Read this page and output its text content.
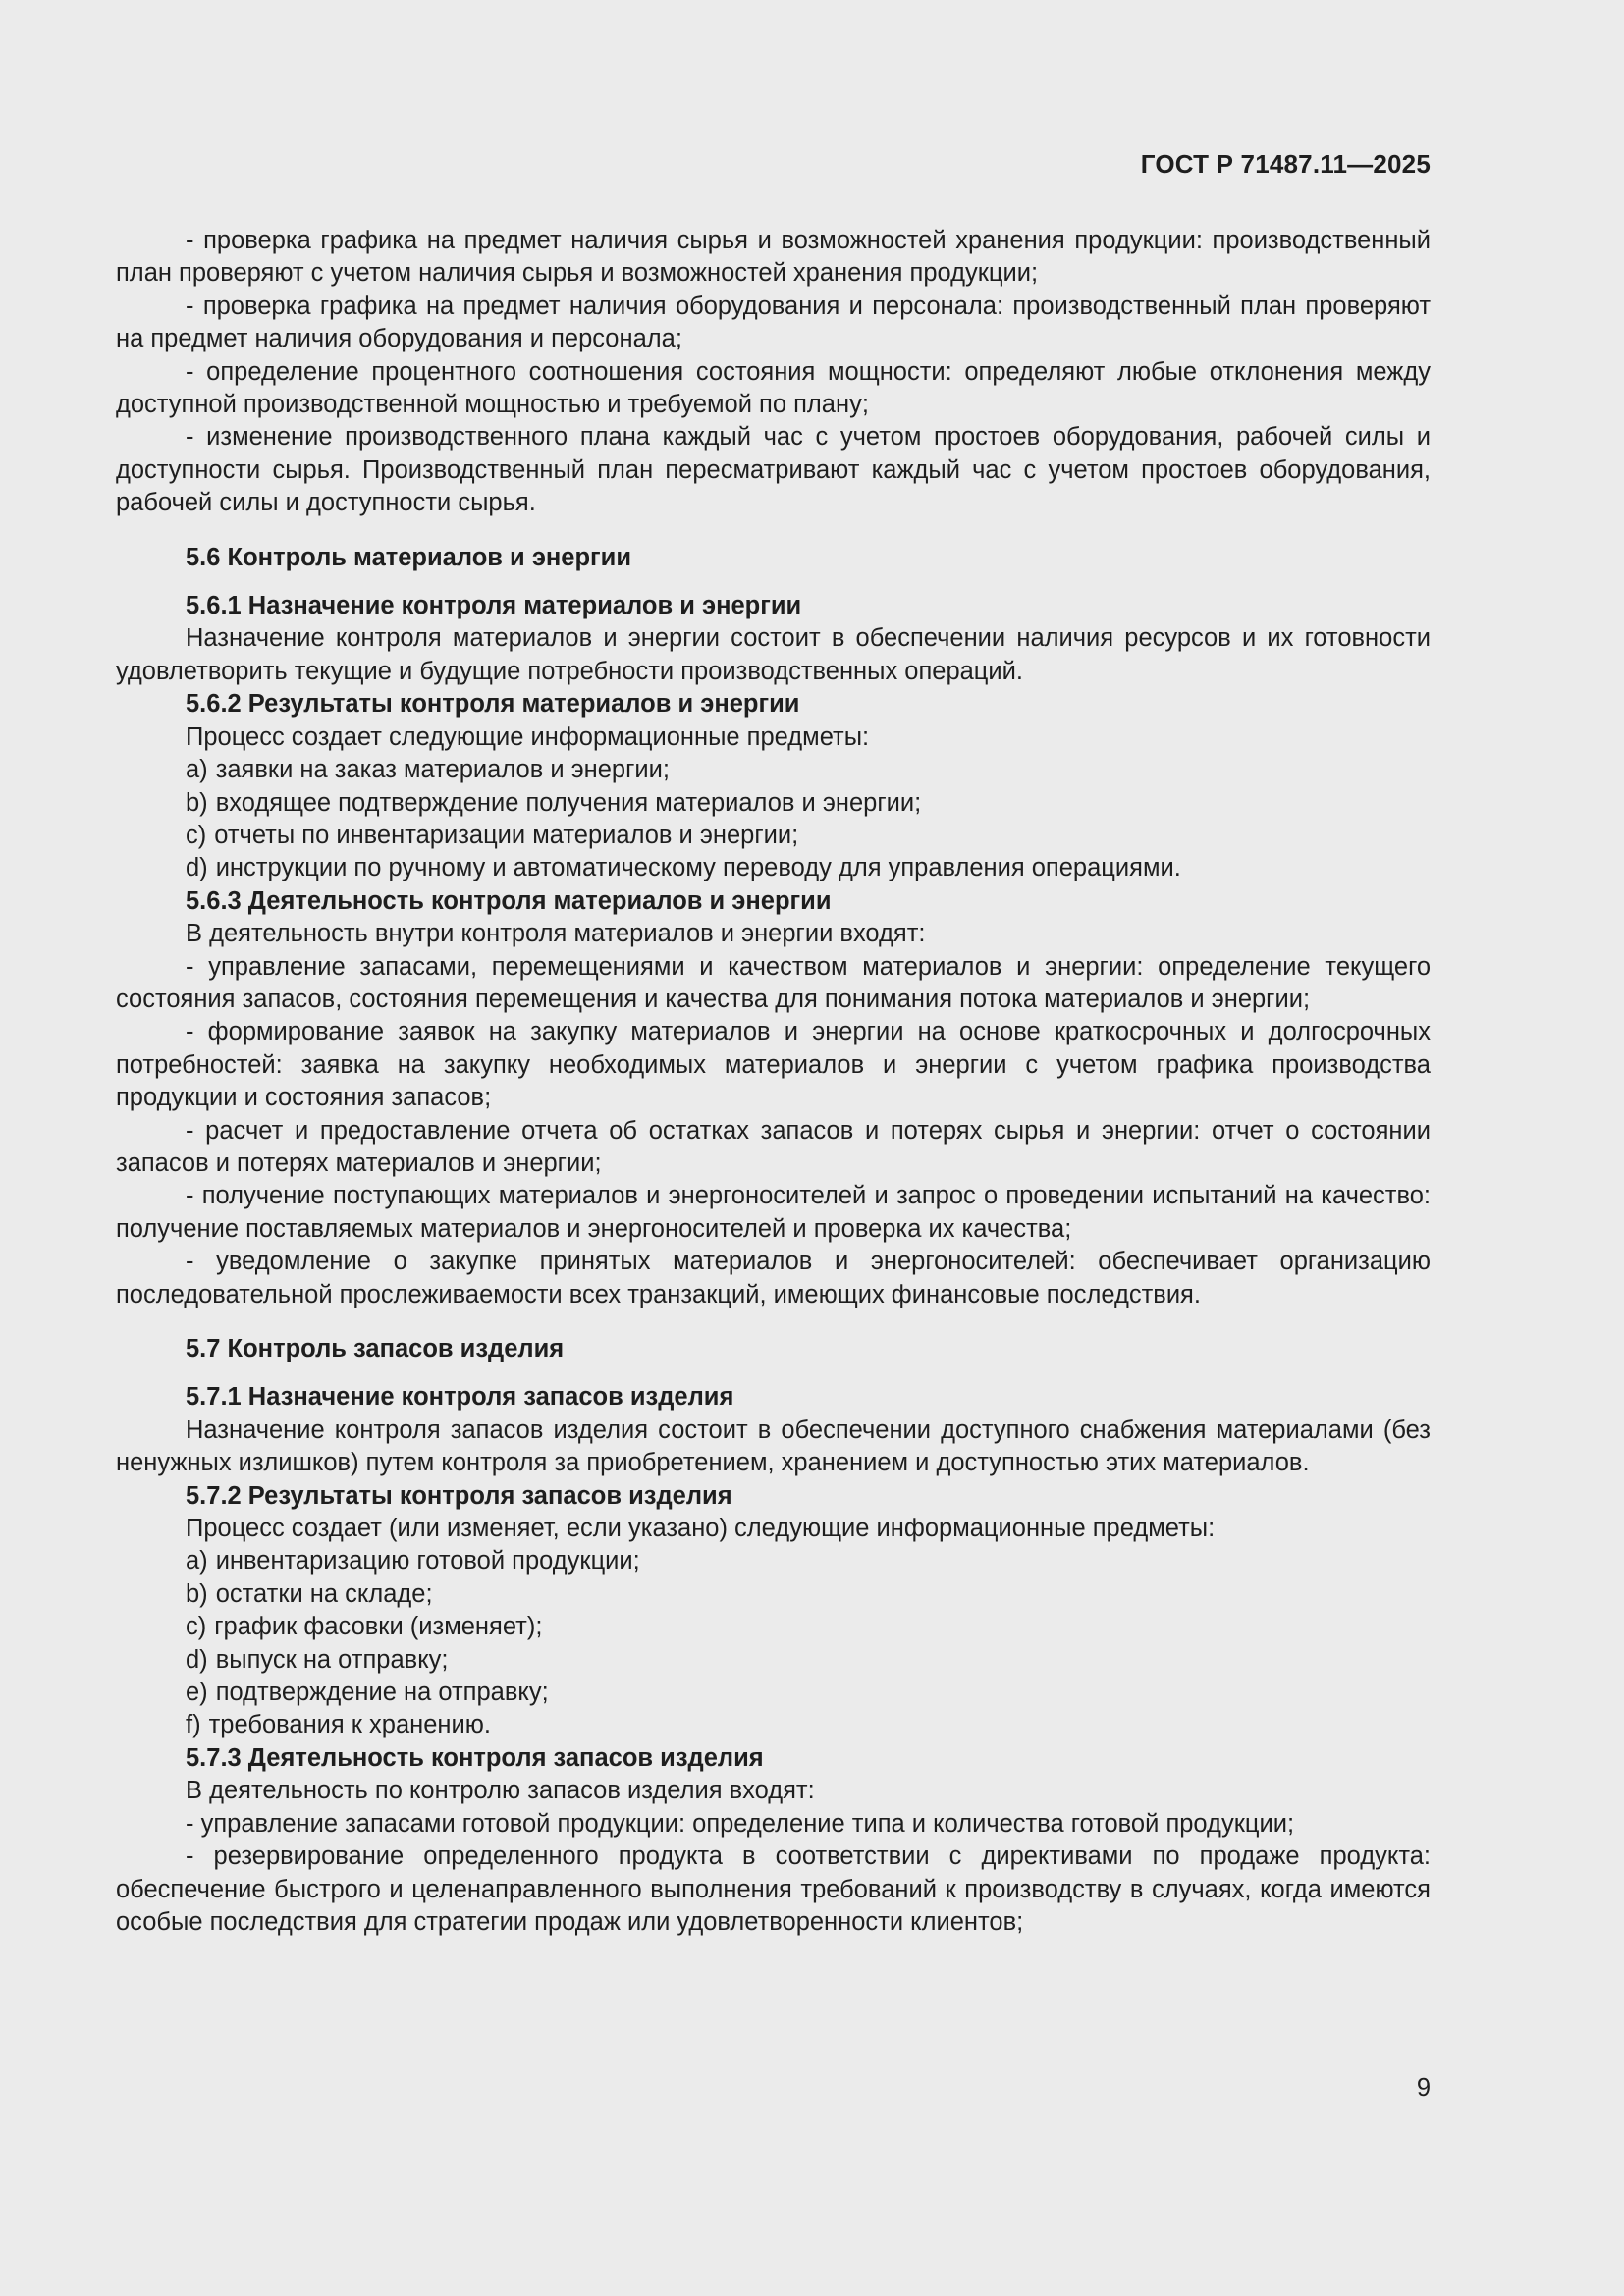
ГОСТ Р 71487.11—2025

- проверка графика на предмет наличия сырья и возможностей хранения продукции: производственный план проверяют с учетом наличия сырья и возможностей хранения продукции;

- проверка графика на предмет наличия оборудования и персонала: производственный план проверяют на предмет наличия оборудования и персонала;

- определение процентного соотношения состояния мощности: определяют любые отклонения между доступной производственной мощностью и требуемой по плану;

- изменение производственного плана каждый час с учетом простоев оборудования, рабочей силы и доступности сырья. Производственный план пересматривают каждый час с учетом простоев оборудования, рабочей силы и доступности сырья.

5.6 Контроль материалов и энергии

5.6.1 Назначение контроля материалов и энергии

Назначение контроля материалов и энергии состоит в обеспечении наличия ресурсов и их готовности удовлетворить текущие и будущие потребности производственных операций.

5.6.2 Результаты контроля материалов и энергии

Процесс создает следующие информационные предметы:

a) заявки на заказ материалов и энергии;

b) входящее подтверждение получения материалов и энергии;

c) отчеты по инвентаризации материалов и энергии;

d) инструкции по ручному и автоматическому переводу для управления операциями.

5.6.3 Деятельность контроля материалов и энергии

В деятельность внутри контроля материалов и энергии входят:

- управление запасами, перемещениями и качеством материалов и энергии: определение текущего состояния запасов, состояния перемещения и качества для понимания потока материалов и энергии;

- формирование заявок на закупку материалов и энергии на основе краткосрочных и долгосрочных потребностей: заявка на закупку необходимых материалов и энергии с учетом графика производства продукции и состояния запасов;

- расчет и предоставление отчета об остатках запасов и потерях сырья и энергии: отчет о состоянии запасов и потерях материалов и энергии;

- получение поступающих материалов и энергоносителей и запрос о проведении испытаний на качество: получение поставляемых материалов и энергоносителей и проверка их качества;

- уведомление о закупке принятых материалов и энергоносителей: обеспечивает организацию последовательной прослеживаемости всех транзакций, имеющих финансовые последствия.

5.7 Контроль запасов изделия

5.7.1 Назначение контроля запасов изделия

Назначение контроля запасов изделия состоит в обеспечении доступного снабжения материалами (без ненужных излишков) путем контроля за приобретением, хранением и доступностью этих материалов.

5.7.2 Результаты контроля запасов изделия

Процесс создает (или изменяет, если указано) следующие информационные предметы:

a) инвентаризацию готовой продукции;

b) остатки на складе;

c) график фасовки (изменяет);

d) выпуск на отправку;

e) подтверждение на отправку;

f) требования к хранению.

5.7.3 Деятельность контроля запасов изделия

В деятельность по контролю запасов изделия входят:

- управление запасами готовой продукции: определение типа и количества готовой продукции;

- резервирование определенного продукта в соответствии с директивами по продаже продукта: обеспечение быстрого и целенаправленного выполнения требований к производству в случаях, когда имеются особые последствия для стратегии продаж или удовлетворенности клиентов;

9
